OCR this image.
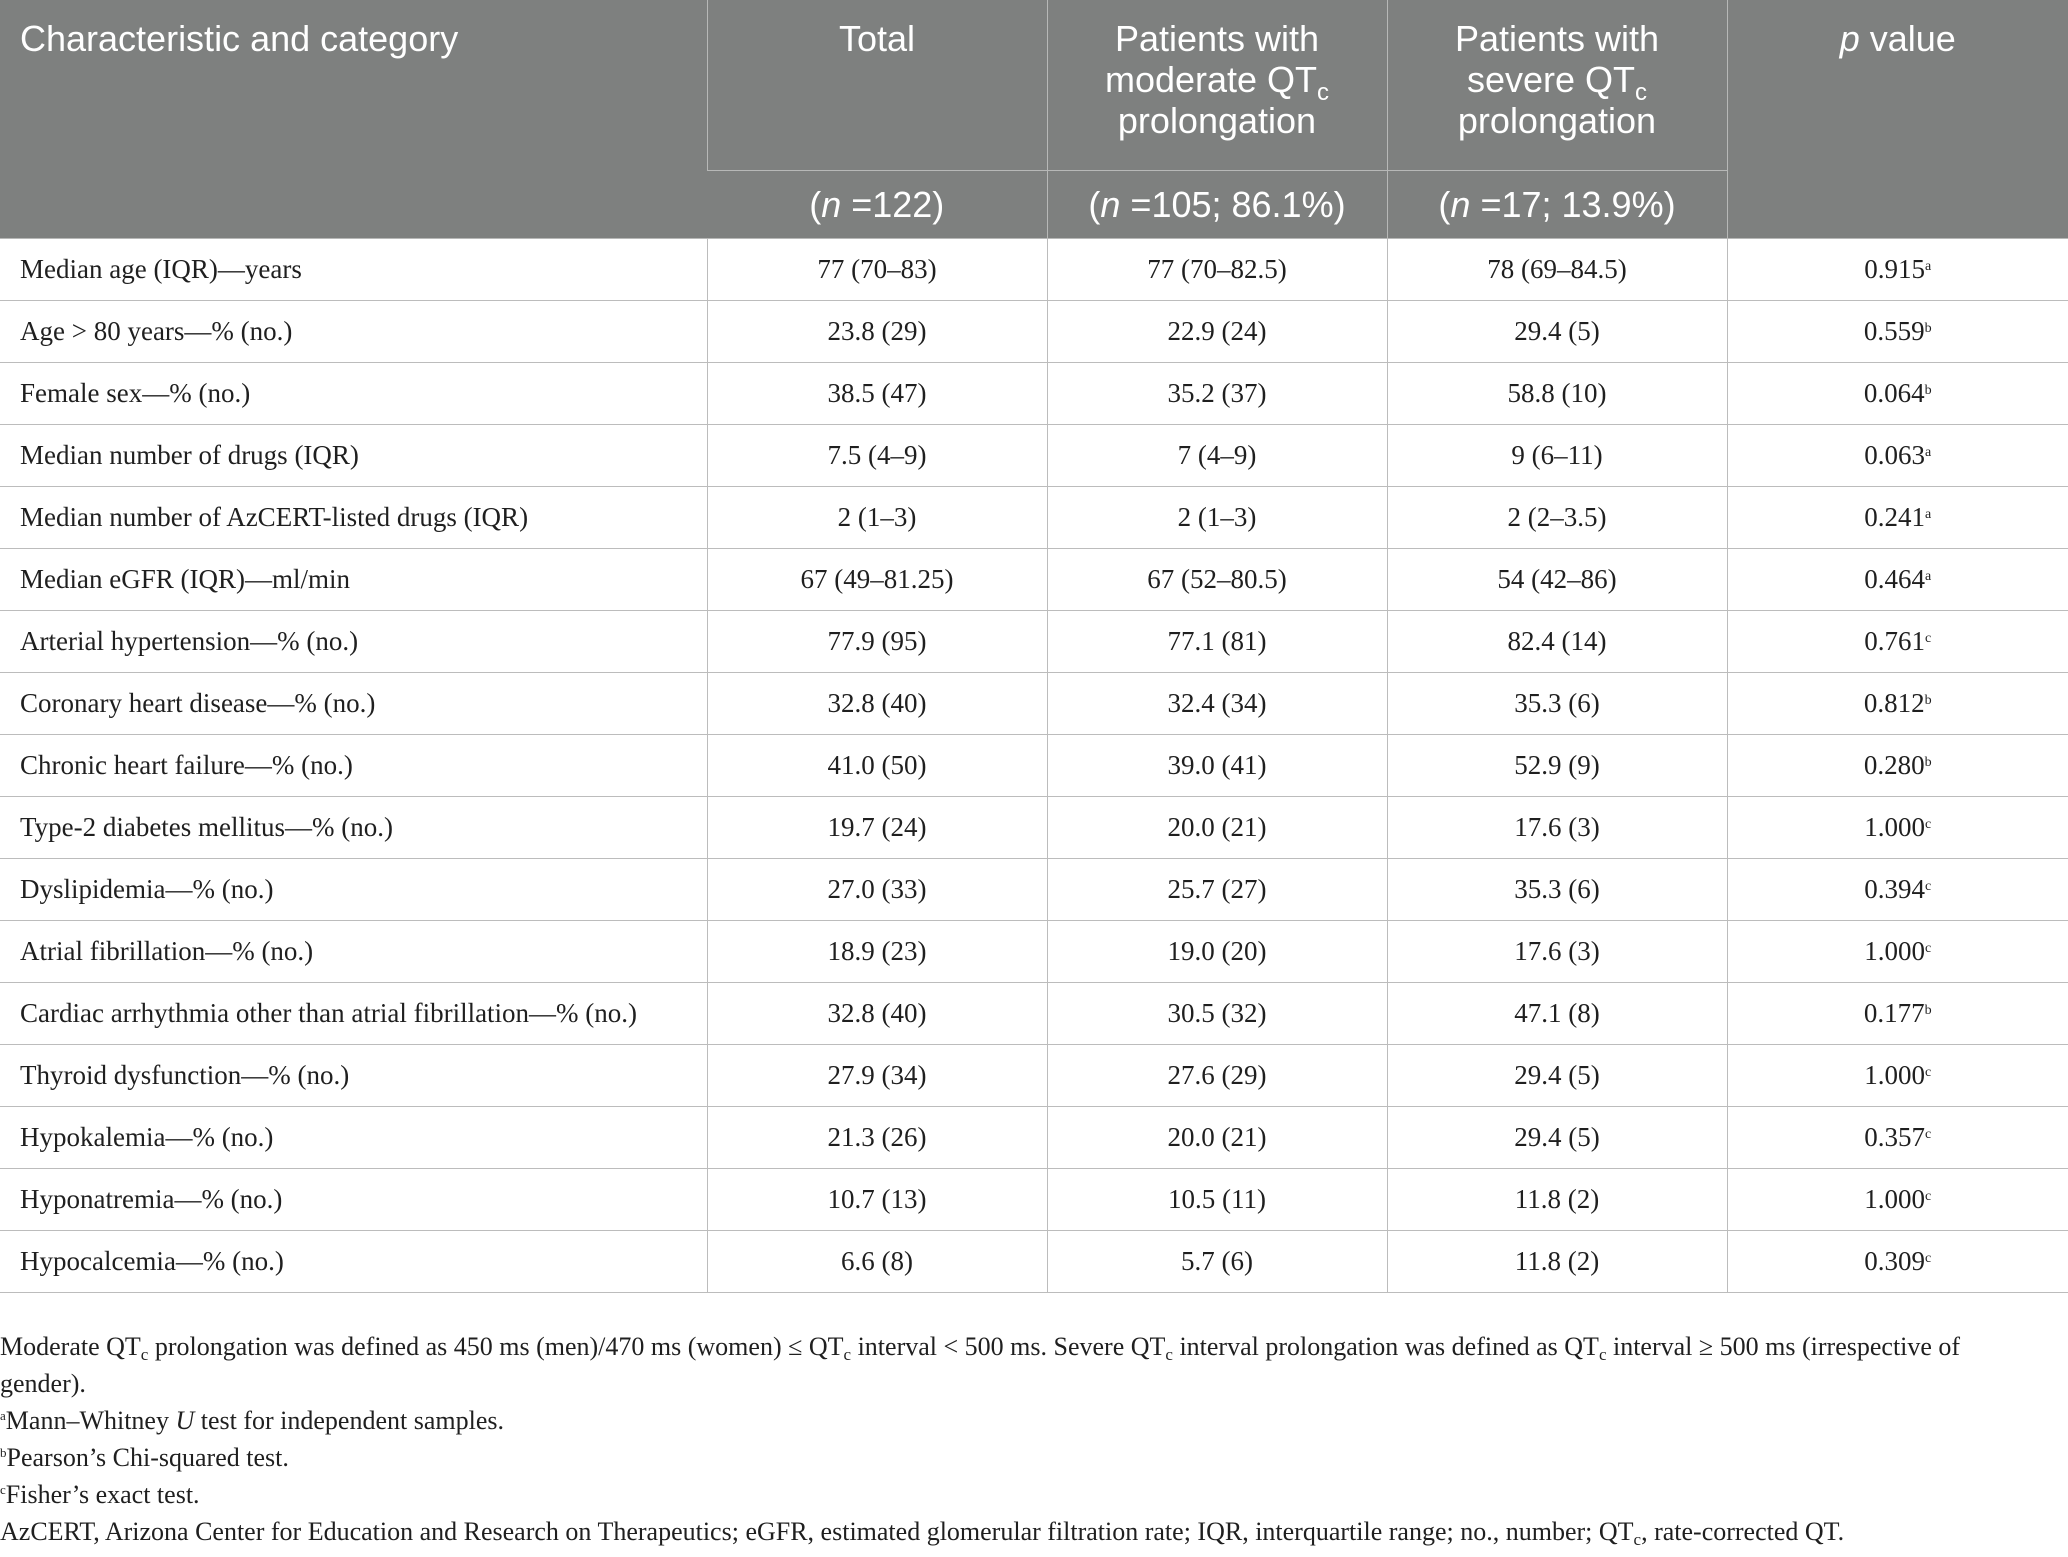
Characteristic and category	Total	Patients with moderate $QT_c$ prolongation	Patients with severe $QT_c$ prolongation	p value
	(n =122)	(n =105; 86.1%)	(n =17; 13.9%)	
Median age (IQR)—years	77 (70–83)	77 (70–82.5)	78 (69–84.5)	0.915$^a$
Age > 80 years—% (no.)	23.8 (29)	22.9 (24)	29.4 (5)	0.559$^b$
Female sex—% (no.)	38.5 (47)	35.2 (37)	58.8 (10)	0.064$^b$
Median number of drugs (IQR)	7.5 (4–9)	7 (4–9)	9 (6–11)	0.063$^a$
Median number of AzCERT-listed drugs (IQR)	2 (1–3)	2 (1–3)	2 (2–3.5)	0.241$^a$
Median eGFR (IQR)—ml/min	67 (49–81.25)	67 (52–80.5)	54 (42–86)	0.464$^a$
Arterial hypertension—% (no.)	77.9 (95)	77.1 (81)	82.4 (14)	0.761$^c$
Coronary heart disease—% (no.)	32.8 (40)	32.4 (34)	35.3 (6)	0.812$^b$
Chronic heart failure—% (no.)	41.0 (50)	39.0 (41)	52.9 (9)	0.280$^b$
Type-2 diabetes mellitus—% (no.)	19.7 (24)	20.0 (21)	17.6 (3)	1.000$^c$
Dyslipidemia—% (no.)	27.0 (33)	25.7 (27)	35.3 (6)	0.394$^c$
Atrial fibrillation—% (no.)	18.9 (23)	19.0 (20)	17.6 (3)	1.000$^c$
Cardiac arrhythmia other than atrial fibrillation—% (no.)	32.8 (40)	30.5 (32)	47.1 (8)	0.177$^b$
Thyroid dysfunction—% (no.)	27.9 (34)	27.6 (29)	29.4 (5)	1.000$^c$
Hypokalemia—% (no.)	21.3 (26)	20.0 (21)	29.4 (5)	0.357$^c$
Hyponatremia—% (no.)	10.7 (13)	10.5 (11)	11.8 (2)	1.000$^c$
Hypocalcemia—% (no.)	6.6 (8)	5.7 (6)	11.8 (2)	0.309$^c$

Moderate $QT_c$ prolongation was defined as 450 ms (men)/470 ms (women) ≤ $QT_c$ interval < 500 ms. Severe $QT_c$ interval prolongation was defined as $QT_c$ interval ≥ 500 ms (irrespective of gender).

$^a$Mann–Whitney U test for independent samples.

$^b$Pearson’s Chi-squared test.

$^c$Fisher’s exact test.

AzCERT, Arizona Center for Education and Research on Therapeutics; eGFR, estimated glomerular filtration rate; IQR, interquartile range; no., number; $QT_c$, rate-corrected QT.
